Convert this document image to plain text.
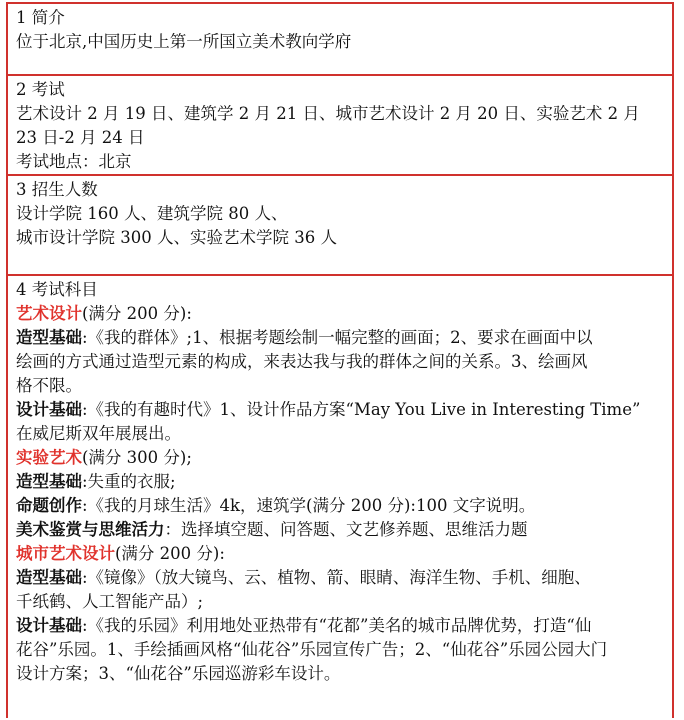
1 简介
位于北京,中国历史上第一所国立美术教向学府
2 考试
艺术设计 2 月 19 日、建筑学 2 月 21 日、城市艺术设计 2 月 20 日、实验艺术 2 月
23 日-2 月 24 日
考试地点：北京
3 招生人数
设计学院 160 人、建筑学院 80 人、
城市设计学院 300 人、实验艺术学院 36 人
4 考试科目
艺术设计(满分 200 分):
造型基础:《我的群体》;1、根据考题绘制一幅完整的画面；2、要求在画面中以
绘画的方式通过造型元素的构成，来表达我与我的群体之间的关系。3、绘画风
格不限。
设计基础:《我的有趣时代》1、设计作品方案“May You Live in Interesting Time”
在威尼斯双年展展出。
实验艺术(满分 300 分);
造型基础:失重的衣服;
命题创作:《我的月球生活》4k，速筑学(满分 200 分):100 文字说明。
美术鉴赏与思维活力：选择填空题、问答题、文艺修养题、思维活力题
城市艺术设计(满分 200 分):
造型基础:《镜像》（放大镜鸟、云、植物、箭、眼睛、海洋生物、手机、细胞、
千纸鹤、人工智能产品）;
设计基础:《我的乐园》利用地处亚热带有“花都”美名的城市品牌优势，打造“仙
花谷”乐园。1、手绘插画风格“仙花谷”乐园宣传广告；2、“仙花谷”乐园公园大门
设计方案；3、“仙花谷”乐园巡游彩车设计。
